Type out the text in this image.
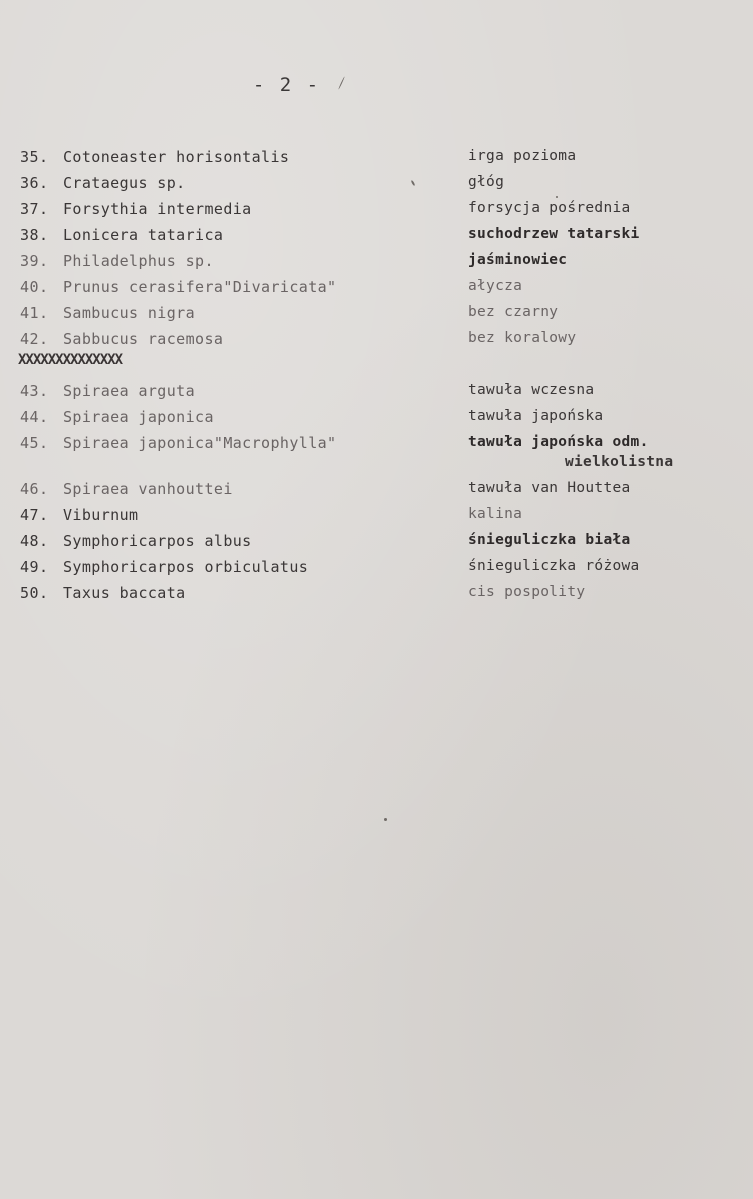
- 2 -
35. Cotoneaster horisontalis	irga pozioma
36. Crataegus sp.	głóg
37. Forsythia intermedia	forsycja pośrednia
38. Lonicera tatarica	suchodrzew tatarski
39. Philadelphus sp.	jaśminowiec
40. Prunus cerasifera"Divaricata"	ałycza
41. Sambucus nigra	bez czarny
42. Sabbucus racemosa	bez koralowy
XXXXXXXXXXXXXX
43. Spiraea arguta	tawuła wczesna
44. Spiraea japonica	tawuła japońska
45. Spiraea japonica"Macrophylla"	tawuła japońska odm.
wielkolistna
46. Spiraea vanhouttei	tawuła van Houttea
47. Viburnum	kalina
48. Symphoricarpos albus	śnieguliczka biała
49. Symphoricarpos orbiculatus	śnieguliczka różowa
50. Taxus baccata	cis pospolity
